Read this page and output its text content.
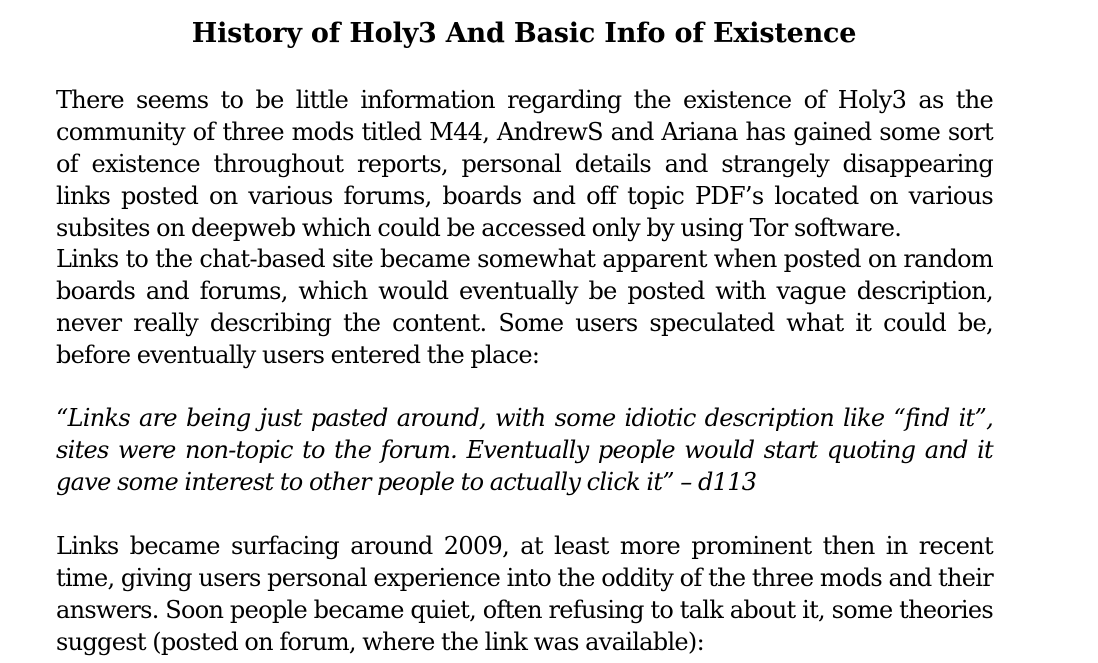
History of Holy3 And Basic Info of Existence

There seems to be little information regarding the existence of Holy3 as the community of three mods titled M44, AndrewS and Ariana has gained some sort of existence throughout reports, personal details and strangely disappearing links posted on various forums, boards and off topic PDF’s located on various subsites on deepweb which could be accessed only by using Tor software.

Links to the chat-based site became somewhat apparent when posted on random boards and forums, which would eventually be posted with vague description, never really describing the content. Some users speculated what it could be, before eventually users entered the place:

“Links are being just pasted around, with some idiotic description like “find it”, sites were non-topic to the forum. Eventually people would start quoting and it gave some interest to other people to actually click it” – d113

Links became surfacing around 2009, at least more prominent then in recent time, giving users personal experience into the oddity of the three mods and their answers. Soon people became quiet, often refusing to talk about it, some theories suggest (posted on forum, where the link was available):
